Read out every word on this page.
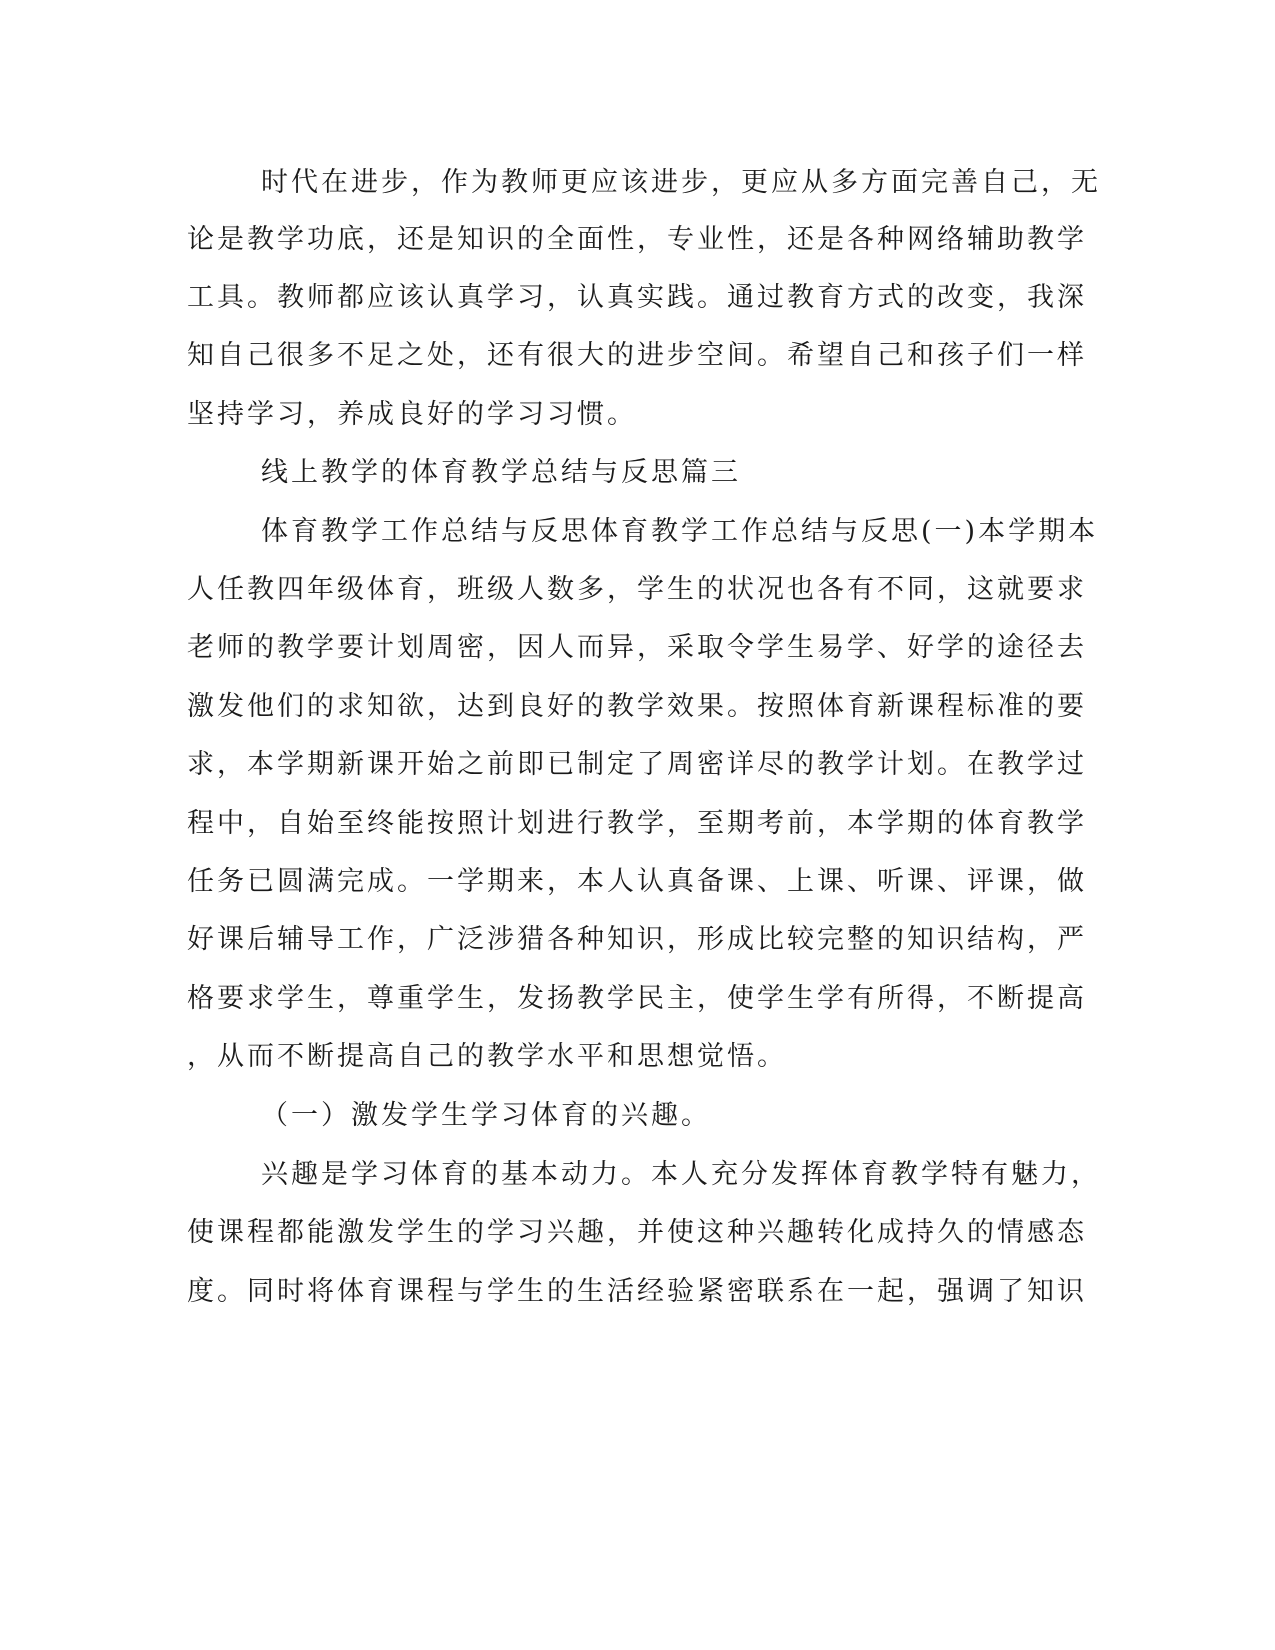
时代在进步，作为教师更应该进步，更应从多方面完善自己，无
论是教学功底，还是知识的全面性，专业性，还是各种网络辅助教学
工具。教师都应该认真学习，认真实践。通过教育方式的改变，我深
知自己很多不足之处，还有很大的进步空间。希望自己和孩子们一样
坚持学习，养成良好的学习习惯。
线上教学的体育教学总结与反思篇三
体育教学工作总结与反思体育教学工作总结与反思(一)本学期本
人任教四年级体育，班级人数多，学生的状况也各有不同，这就要求
老师的教学要计划周密，因人而异，采取令学生易学、好学的途径去
激发他们的求知欲，达到良好的教学效果。按照体育新课程标准的要
求，本学期新课开始之前即已制定了周密详尽的教学计划。在教学过
程中，自始至终能按照计划进行教学，至期考前，本学期的体育教学
任务已圆满完成。一学期来，本人认真备课、上课、听课、评课，做
好课后辅导工作，广泛涉猎各种知识，形成比较完整的知识结构，严
格要求学生，尊重学生，发扬教学民主，使学生学有所得，不断提高
，从而不断提高自己的教学水平和思想觉悟。
（一）激发学生学习体育的兴趣。
兴趣是学习体育的基本动力。本人充分发挥体育教学特有魅力，
使课程都能激发学生的学习兴趣，并使这种兴趣转化成持久的情感态
度。同时将体育课程与学生的生活经验紧密联系在一起，强调了知识
